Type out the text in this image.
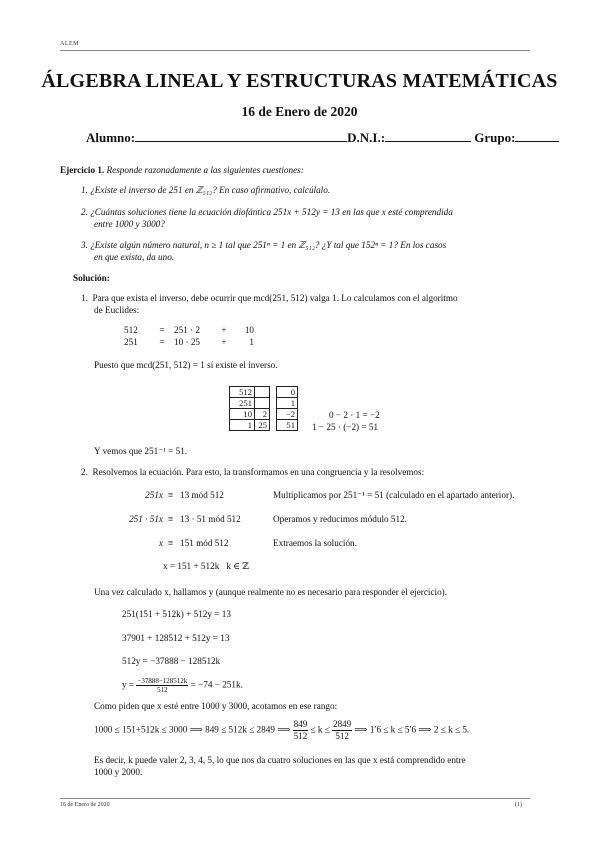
ALEM
ÁLGEBRA LINEAL Y ESTRUCTURAS MATEMÁTICAS
16 de Enero de 2020
Alumno:	D.N.I.:	Grupo:
Ejercicio 1. Responde razonadamente a las siguientes cuestiones:
1. ¿Existe el inverso de 251 en ℤ₅₁₂? En caso afirmativo, calcúlalo.
2. ¿Cuántas soluciones tiene la ecuación diofántica 251x + 512y = 13 en las que x esté comprendida
entre 1000 y 3000?
3. ¿Existe algún número natural, n ≥ 1 tal que 251ⁿ = 1 en ℤ₅₁₂? ¿Y tal que 152ⁿ = 1? En los casos
en que exista, da uno.
Solución:
1. Para que exista el inverso, debe ocurrir que mcd(251, 512) valga 1. Lo calculamos con el algoritmo
de Euclides:
512 = 251 · 2 + 10
251 = 10 · 25 + 1
Puesto que mcd(251, 512) = 1 sí existe el inverso.
512			0
251			1
10	2		−2
1	25		51
0 − 2 · 1 = −2
1 − 25 · (−2) = 51
Y vemos que 251⁻¹ = 51.
2. Resolvemos la ecuación. Para esto, la transformamos en una congruencia y la resolvemos:
251x ≡ 13 mód 512	Multiplicamos por 251⁻¹ = 51 (calculado en el apartado anterior).
251 · 51x ≡ 13 · 51 mód 512	Operamos y reducimos módulo 512.
x ≡ 151 mód 512	Extraemos la solución.
x = 151 + 512k   k ∈ ℤ
Una vez calculado x, hallamos y (aunque realmente no es necesario para responder el ejercicio).
251(151 + 512k) + 512y = 13
37901 + 128512 + 512y = 13
512y = −37888 − 128512k
$y = \frac{-37888-128512k}{512} = -74 - 251k$.
Como piden que x esté entre 1000 y 3000, acotamos en ese rango:
1000 ≤ 151+512k ≤ 3000 ⟹ 849 ≤ 512k ≤ 2849 ⟹ $\frac{849}{512} \le k \le \frac{2849}{512}$ ⟹ 1′6 ≤ k ≤ 5′6 ⟹ 2 ≤ k ≤ 5.
Es decir, k puede valer 2, 3, 4, 5, lo que nos da cuatro soluciones en las que x está comprendido entre
1000 y 2000.
16 de Enero de 2020	(1)
